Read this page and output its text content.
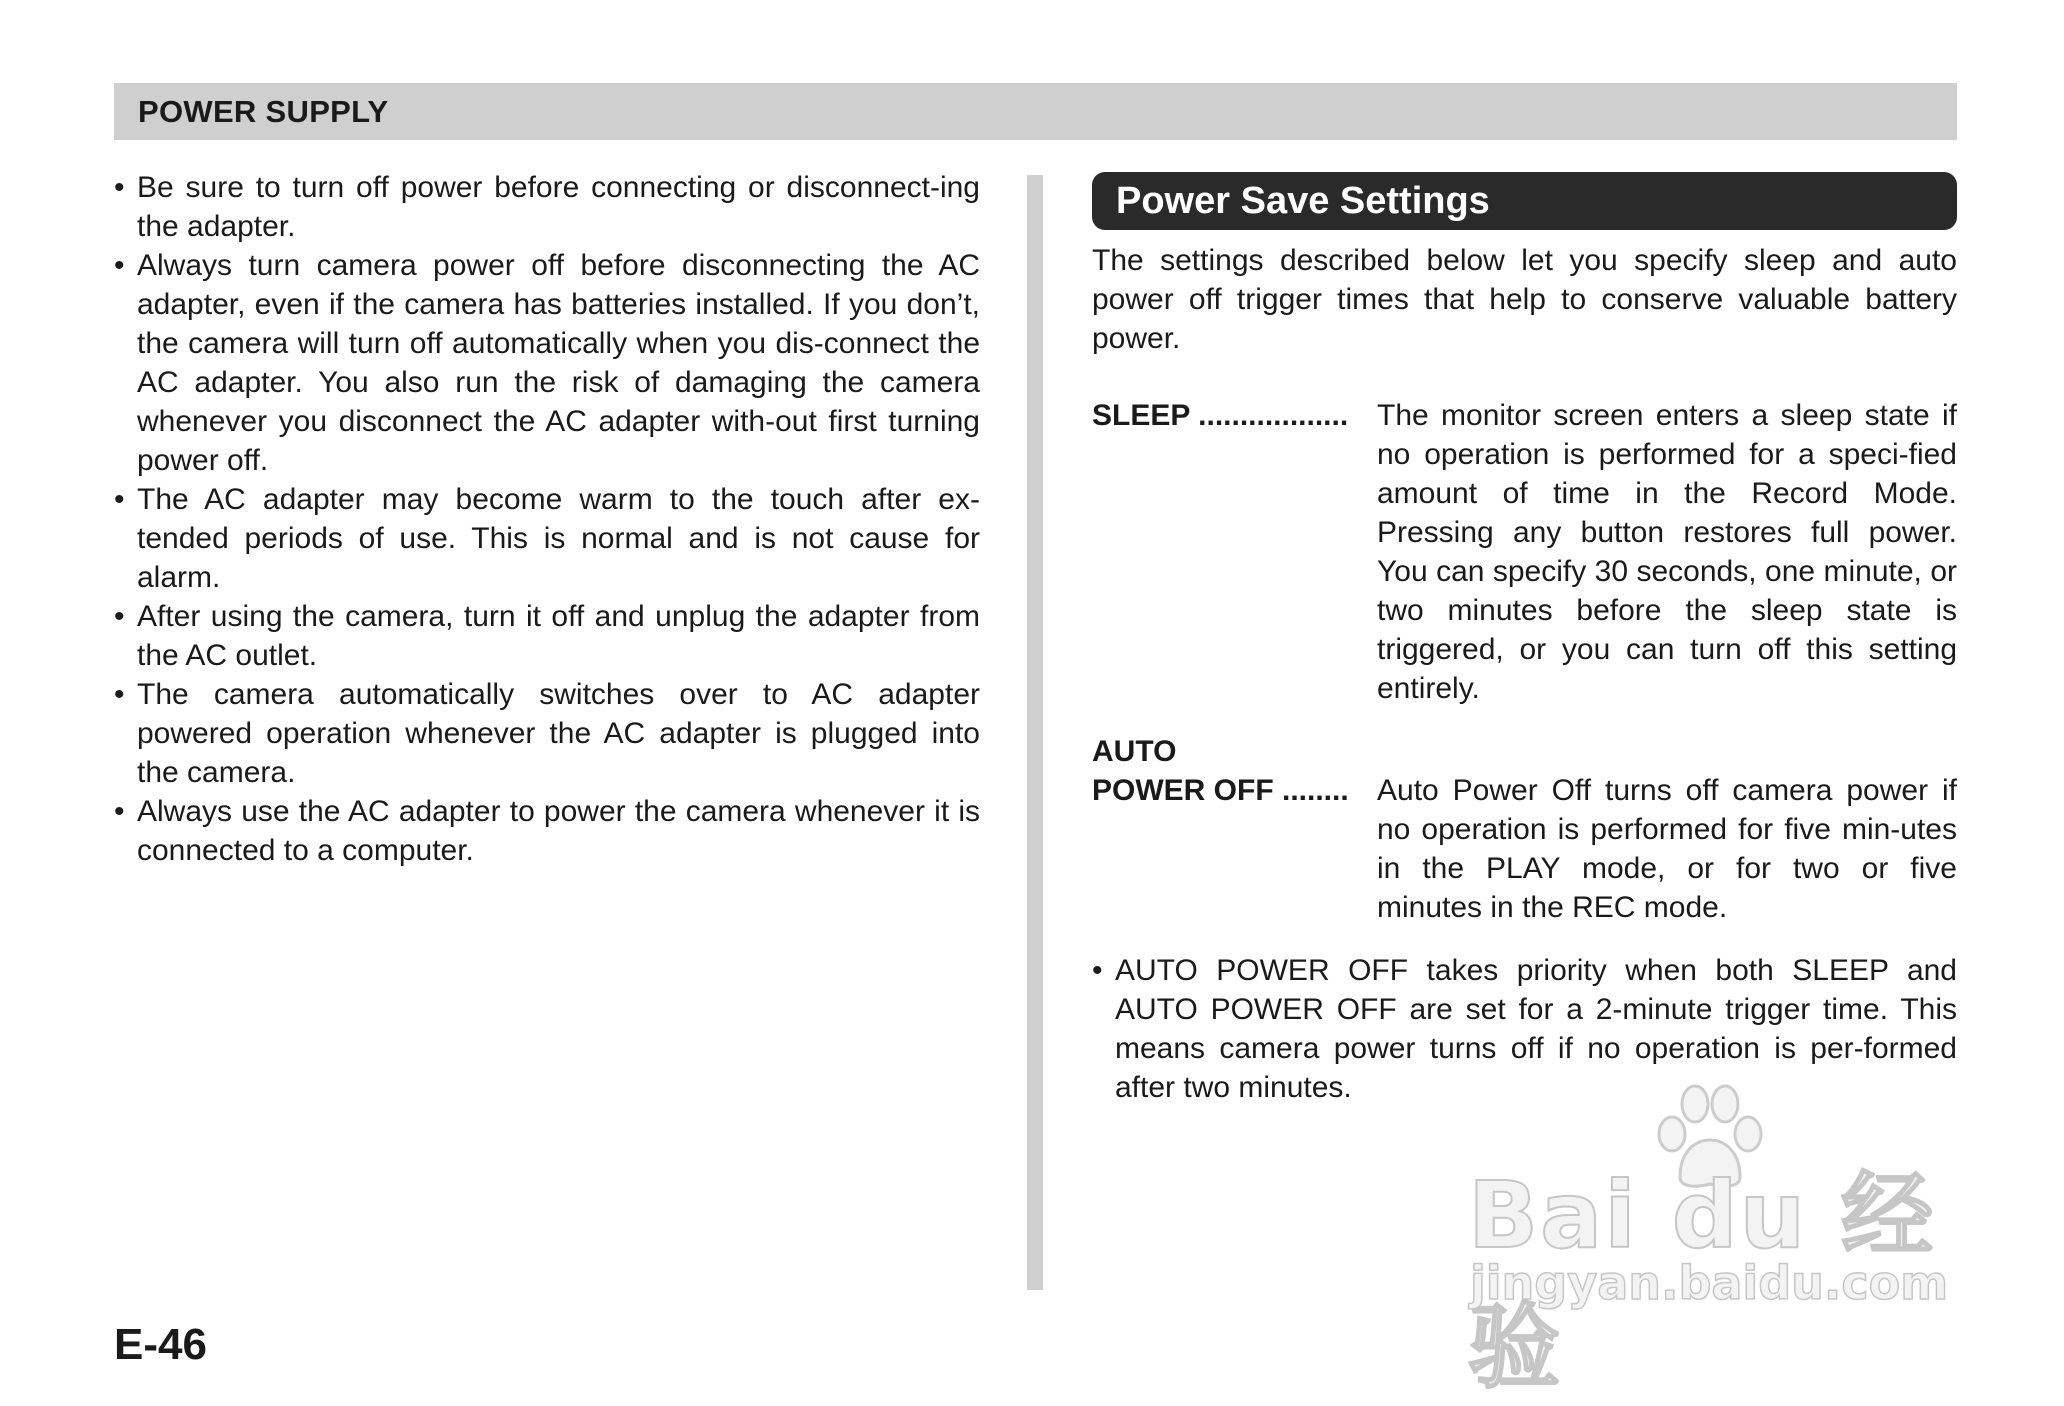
POWER SUPPLY
• Be sure to turn off power before connecting or disconnect-ing the adapter.
• Always turn camera power off before disconnecting the AC adapter, even if the camera has batteries installed. If you don’t, the camera will turn off automatically when you dis-connect the AC adapter. You also run the risk of damaging the camera whenever you disconnect the AC adapter with-out first turning power off.
• The AC adapter may become warm to the touch after ex-tended periods of use. This is normal and is not cause for alarm.
• After using the camera, turn it off and unplug the adapter from the AC outlet.
• The camera automatically switches over to AC adapter powered operation whenever the AC adapter is plugged into the camera.
• Always use the AC adapter to power the camera whenever it is connected to a computer.
Power Save Settings

The settings described below let you specify sleep and auto power off trigger times that help to conserve valuable battery power.

SLEEP .................. The monitor screen enters a sleep state if no operation is performed for a speci-fied amount of time in the Record Mode. Pressing any button restores full power. You can specify 30 seconds, one minute, or two minutes before the sleep state is triggered, or you can turn off this setting entirely.
AUTO
POWER OFF ........ Auto Power Off turns off camera power if no operation is performed for five min-utes in the PLAY mode, or for two or five minutes in the REC mode.
• AUTO POWER OFF takes priority when both SLEEP and AUTO POWER OFF are set for a 2-minute trigger time. This means camera power turns off if no operation is per-formed after two minutes.
E-46
Bai du 经验
jingyan.baidu.com
